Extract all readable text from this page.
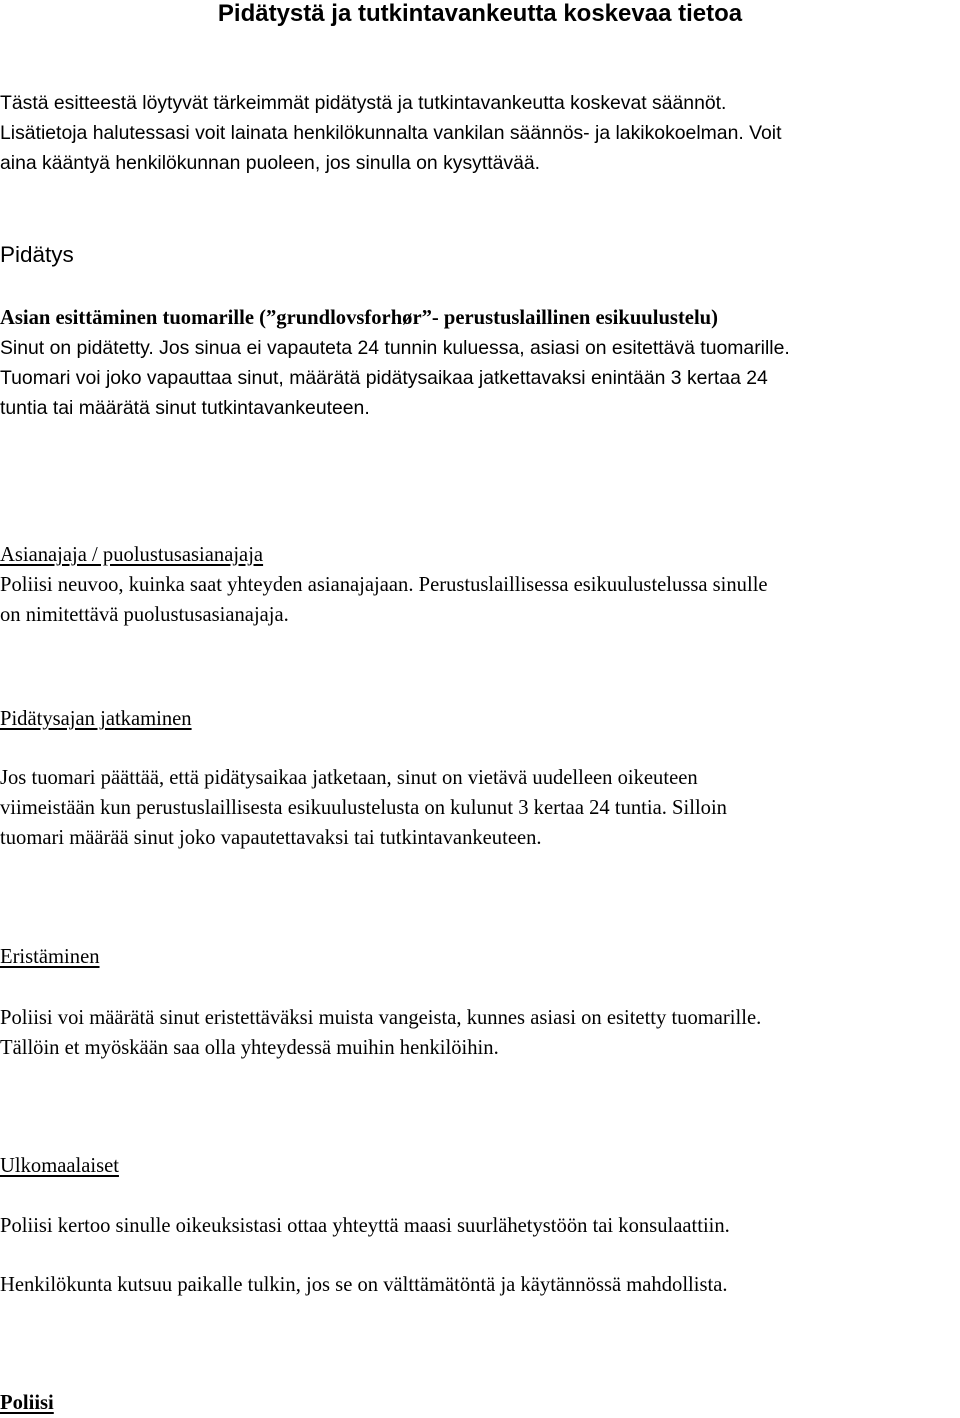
Pidätystä ja tutkintavankeutta koskevaa tietoa

Tästä esitteestä löytyvät tärkeimmät pidätystä ja tutkintavankeutta koskevat säännöt.
Lisätietoja halutessasi voit lainata henkilökunnalta vankilan säännös- ja lakikokoelman. Voit
aina kääntyä henkilökunnan puoleen, jos sinulla on kysyttävää.

Pidätys
Asian esittäminen tuomarille (”grundlovsforhør”- perustuslaillinen esikuulustelu)

Sinut on pidätetty. Jos sinua ei vapauteta 24 tunnin kuluessa, asiasi on esitettävä tuomarille.
Tuomari voi joko vapauttaa sinut, määrätä pidätysaikaa jatkettavaksi enintään 3 kertaa 24
tuntia tai määrätä sinut tutkintavankeuteen.

Asianajaja / puolustusasianajaja

Poliisi neuvoo, kuinka saat yhteyden asianajajaan. Perustuslaillisessa esikuulustelussa sinulle
on nimitettävä puolustusasianajaja.

Pidätysajan jatkaminen

Jos tuomari päättää, että pidätysaikaa jatketaan, sinut on vietävä uudelleen oikeuteen
viimeistään kun perustuslaillisesta esikuulustelusta on kulunut 3 kertaa 24 tuntia. Silloin
tuomari määrää sinut joko vapautettavaksi tai tutkintavankeuteen.

Eristäminen

Poliisi voi määrätä sinut eristettäväksi muista vangeista, kunnes asiasi on esitetty tuomarille.
Tällöin et myöskään saa olla yhteydessä muihin henkilöihin.

Ulkomaalaiset

Poliisi kertoo sinulle oikeuksistasi ottaa yhteyttä maasi suurlähetystöön tai konsulaattiin.

Henkilökunta kutsuu paikalle tulkin, jos se on välttämätöntä ja käytännössä mahdollista.

Poliisi
